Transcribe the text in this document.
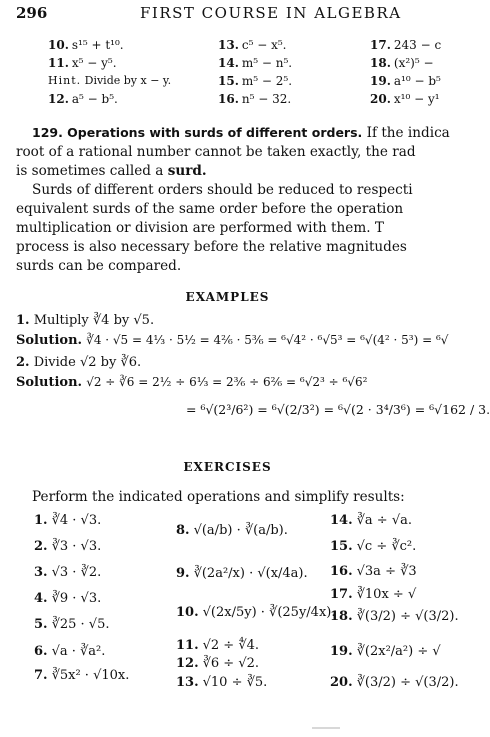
296	FIRST COURSE IN ALGEBRA
10. s¹⁵ + t¹⁰.
11. x⁵ − y⁵.
Hint. Divide by x − y.
12. a⁵ − b⁵.
13. c⁵ − x⁵.
14. m⁵ − n⁵.
15. m⁵ − 2⁵.
16. n⁵ − 32.
17. 243 − c
18. (x²)⁵ −
19. a¹⁰ − b⁵
20. x¹⁰ − y¹
129. Operations with surds of different orders. If the indica
root of a rational number cannot be taken exactly, the rad
is sometimes called a surd.
Surds of different orders should be reduced to respecti
equivalent surds of the same order before the operation
multiplication or division are performed with them. T
process is also necessary before the relative magnitudes
surds can be compared.
EXAMPLES
1. Multiply ∛4 by √5.
Solution. ∛4 · √5 = 4⅓ · 5½ = 4²⁄₆ · 5³⁄₆ = ⁶√4² · ⁶√5³ = ⁶√(4² · 5³) = ⁶√
2. Divide √2 by ∛6.
Solution. √2 ÷ ∛6 = 2½ ÷ 6⅓ = 2³⁄₆ ÷ 6²⁄₆ = ⁶√2³ ÷ ⁶√6²
= ⁶√(2³/6²) = ⁶√(2/3²) = ⁶√(2 · 3⁴/3⁶) = ⁶√162 / 3.
EXERCISES
Perform the indicated operations and simplify results:
1. ∛4 · √3.
2. ∛3 · √3.
3. √3 · ∛2.
4. ∛9 · √3.
5. ∛25 · √5.
6. √a · ∛a².
7. ∛5x² · √10x.
8. √(a/b) · ∛(a/b).
9. ∛(2a²/x) · √(x/4a).
10. √(2x/5y) · ∛(25y/4x).
11. √2 ÷ ∜4.
12. ∛6 ÷ √2.
13. √10 ÷ ∛5.
14. ∛a ÷ √a.
15. √c ÷ ∛c².
16. √3a ÷ ∛3
17. ∛10x ÷ √
18. ∛(3/2) ÷ √(3/2).
19. ∛(2x²/a²) ÷ √
20. ∛(3/2) ÷ √(3/2).
